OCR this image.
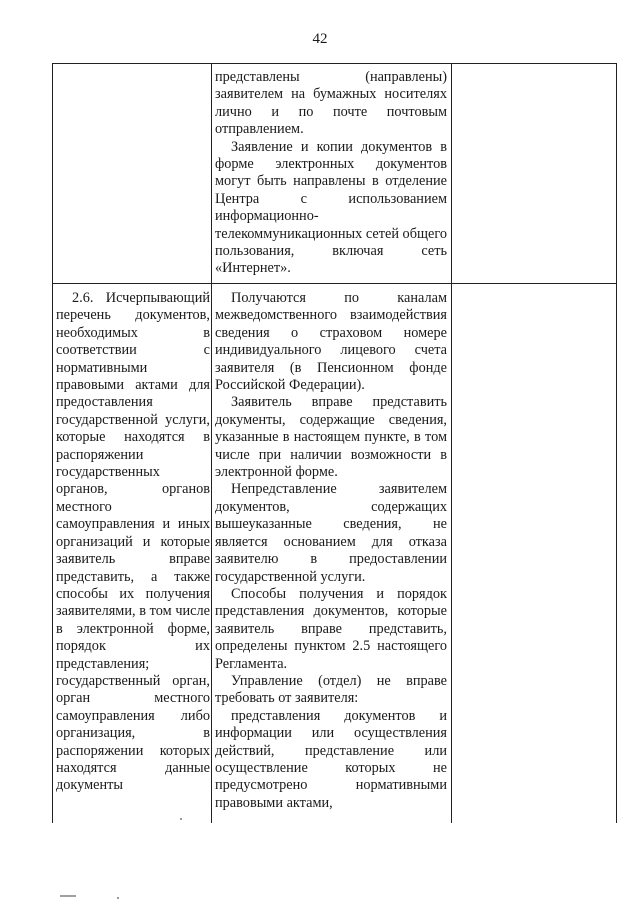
42

представлены (направлены) заявителем на бумажных носителях лично и по почте почтовым отправлением.

Заявление и копии документов в форме электронных документов могут быть направлены в отделение Центра с использованием информационно-телекоммуникационных сетей общего пользования, включая сеть «Интернет».

2.6. Исчерпывающий перечень документов, необходимых в соответствии с нормативными правовыми актами для предоставления государственной услуги, которые находятся в распоряжении государственных органов, органов местного самоуправления и иных организаций и которые заявитель вправе представить, а также способы их получения заявителями, в том числе в электронной форме, порядок их представления; государственный орган, орган местного самоуправления либо организация, в распоряжении которых находятся данные документы

Получаются по каналам межведомственного взаимодействия сведения о страховом номере индивидуального лицевого счета заявителя (в Пенсионном фонде Российской Федерации).

Заявитель вправе представить документы, содержащие сведения, указанные в настоящем пункте, в том числе при наличии возможности в электронной форме.

Непредставление заявителем документов, содержащих вышеуказанные сведения, не является основанием для отказа заявителю в предоставлении государственной услуги.

Способы получения и порядок представления документов, которые заявитель вправе представить, определены пунктом 2.5 настоящего Регламента.

Управление (отдел) не вправе требовать от заявителя:

представления документов и информации или осуществления действий, представление или осуществление которых не предусмотрено нормативными правовыми актами,
